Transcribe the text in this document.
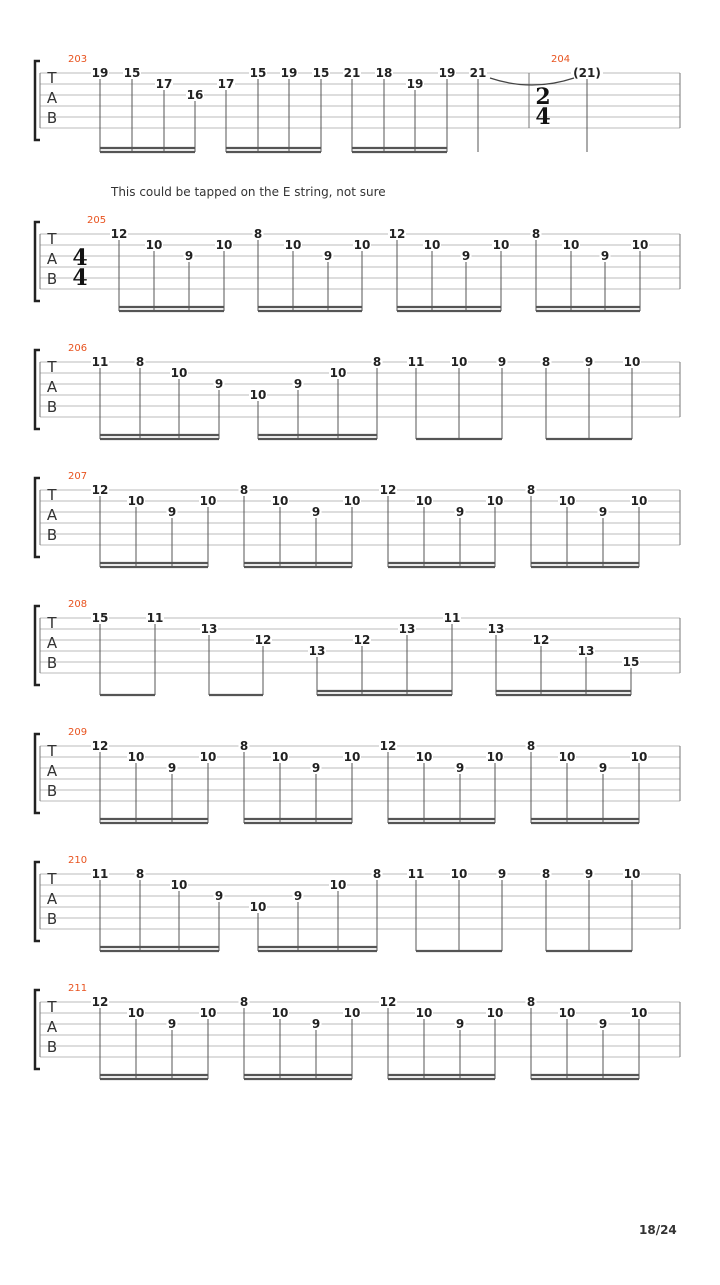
T
A
B
203	204
2
4
19 15
17
16
17
15 19 15 21 18
19
19 21	(21)
T
A
B
205
4
4
12
10
9
10
8
10
9
10
12
10
9
10
8
10
9
10
T
A
B
206
11 8
10
9
10
9
10
8 11 10	9	8	9	10
T
A
B
207
12
10
9
10
8
10
9
10
12
10
9
10
8
10
9
10
T
A
B
208
15	11
13
12
13
12
13
11
13
12
13
15
T
A
B
209
12
10
9
10
8
10
9
10
12
10
9
10
8
10
9
10
T
A
B
210
11 8
10
9
10
9
10
8 11 10	9	8	9	10
T
A
B
211
12
10
9
10
8
10
9
10
12
10
9
10
8
10
9
10
This could be tapped on the E string, not sure
18/24
